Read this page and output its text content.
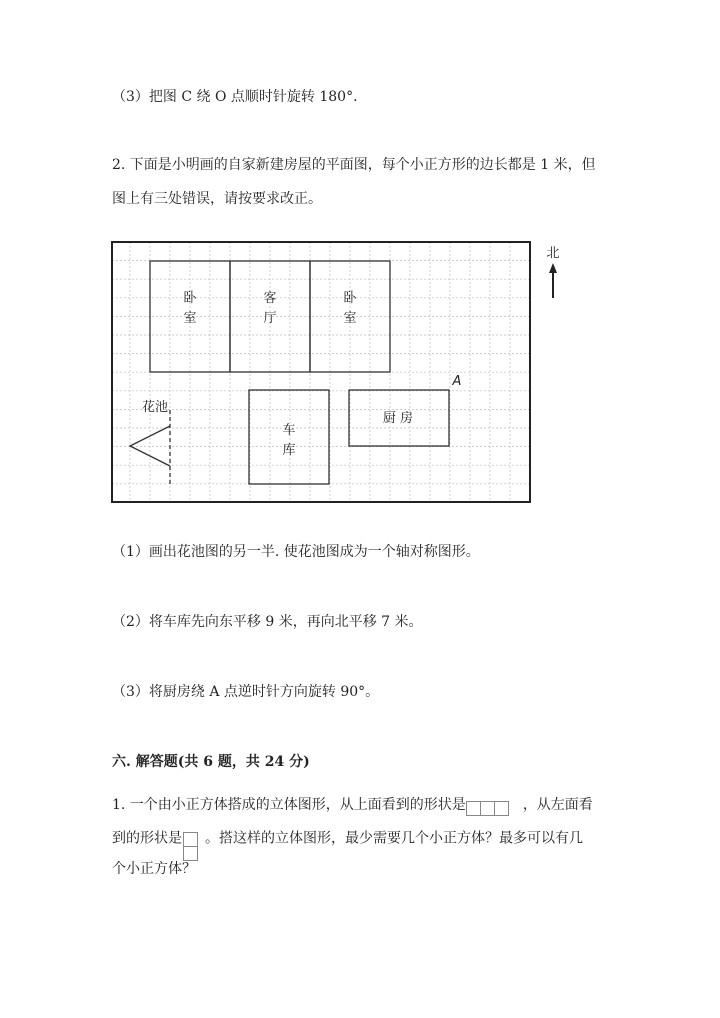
（3）把图 C 绕 O 点顺时针旋转 180°．
2. 下面是小明画的自家新建房屋的平面图，每个小正方形的边长都是 1 米，但
图上有三处错误，请按要求改正。
卧
室
客
厅
卧
室
车
库
厨 房
花池
A
北
（1）画出花池图的另一半. 使花池图成为一个轴对称图形。
（2）将车库先向东平移 9 米，再向北平移 7 米。
（3）将厨房绕 A 点逆时针方向旋转 90°。
六. 解答题(共 6 题，共 24 分)
1. 一个由小正方体搭成的立体图形，从上面看到的形状是	，从左面看
到的形状是 。搭这样的立体图形，最少需要几个小正方体？最多可以有几
个小正方体？
